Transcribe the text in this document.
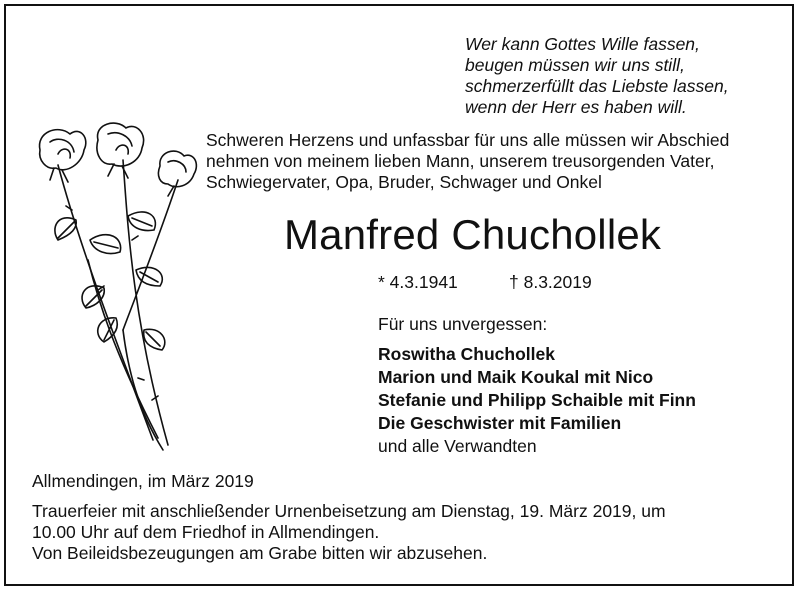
Wer kann Gottes Wille fassen,
beugen müssen wir uns still,
schmerzerfüllt das Liebste lassen,
wenn der Herr es haben will.
Schweren Herzens und unfassbar für uns alle müssen wir Abschied
nehmen von meinem lieben Mann, unserem treusorgenden Vater,
Schwiegervater, Opa, Bruder, Schwager und Onkel
Manfred Chuchollek
* 4.3.1941	† 8.3.2019
Für uns unvergessen:
Roswitha Chuchollek
Marion und Maik Koukal mit Nico
Stefanie und Philipp Schaible mit Finn
Die Geschwister mit Familien
und alle Verwandten
Allmendingen, im März 2019
Trauerfeier mit anschließender Urnenbeisetzung am Dienstag, 19. März 2019, um
10.00 Uhr auf dem Friedhof in Allmendingen.
Von Beileidsbezeugungen am Grabe bitten wir abzusehen.
